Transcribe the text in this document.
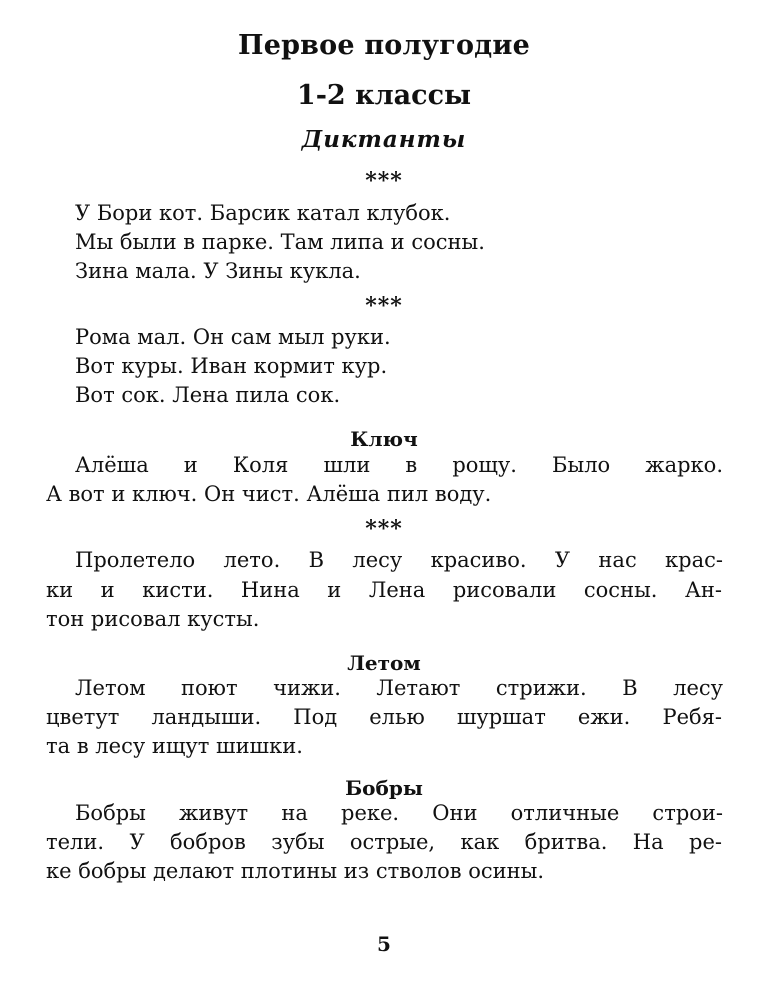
Первое полугодие
1-2 классы
Диктанты
***
У Бори кот. Барсик катал клубок.
Мы были в парке. Там липа и сосны.
Зина мала. У Зины кукла.
***
Рома мал. Он сам мыл руки.
Вот куры. Иван кормит кур.
Вот сок. Лена пила сок.
Ключ
Алёша и Коля шли в рощу. Было жарко.
А вот и ключ. Он чист. Алёша пил воду.
***
Пролетело лето. В лесу красиво. У нас крас-
ки и кисти. Нина и Лена рисовали сосны. Ан-
тон рисовал кусты.
Летом
Летом поют чижи. Летают стрижи. В лесу
цветут ландыши. Под елью шуршат ежи. Ребя-
та в лесу ищут шишки.
Бобры
Бобры живут на реке. Они отличные строи-
тели. У бобров зубы острые, как бритва. На ре-
ке бобры делают плотины из стволов осины.
5
